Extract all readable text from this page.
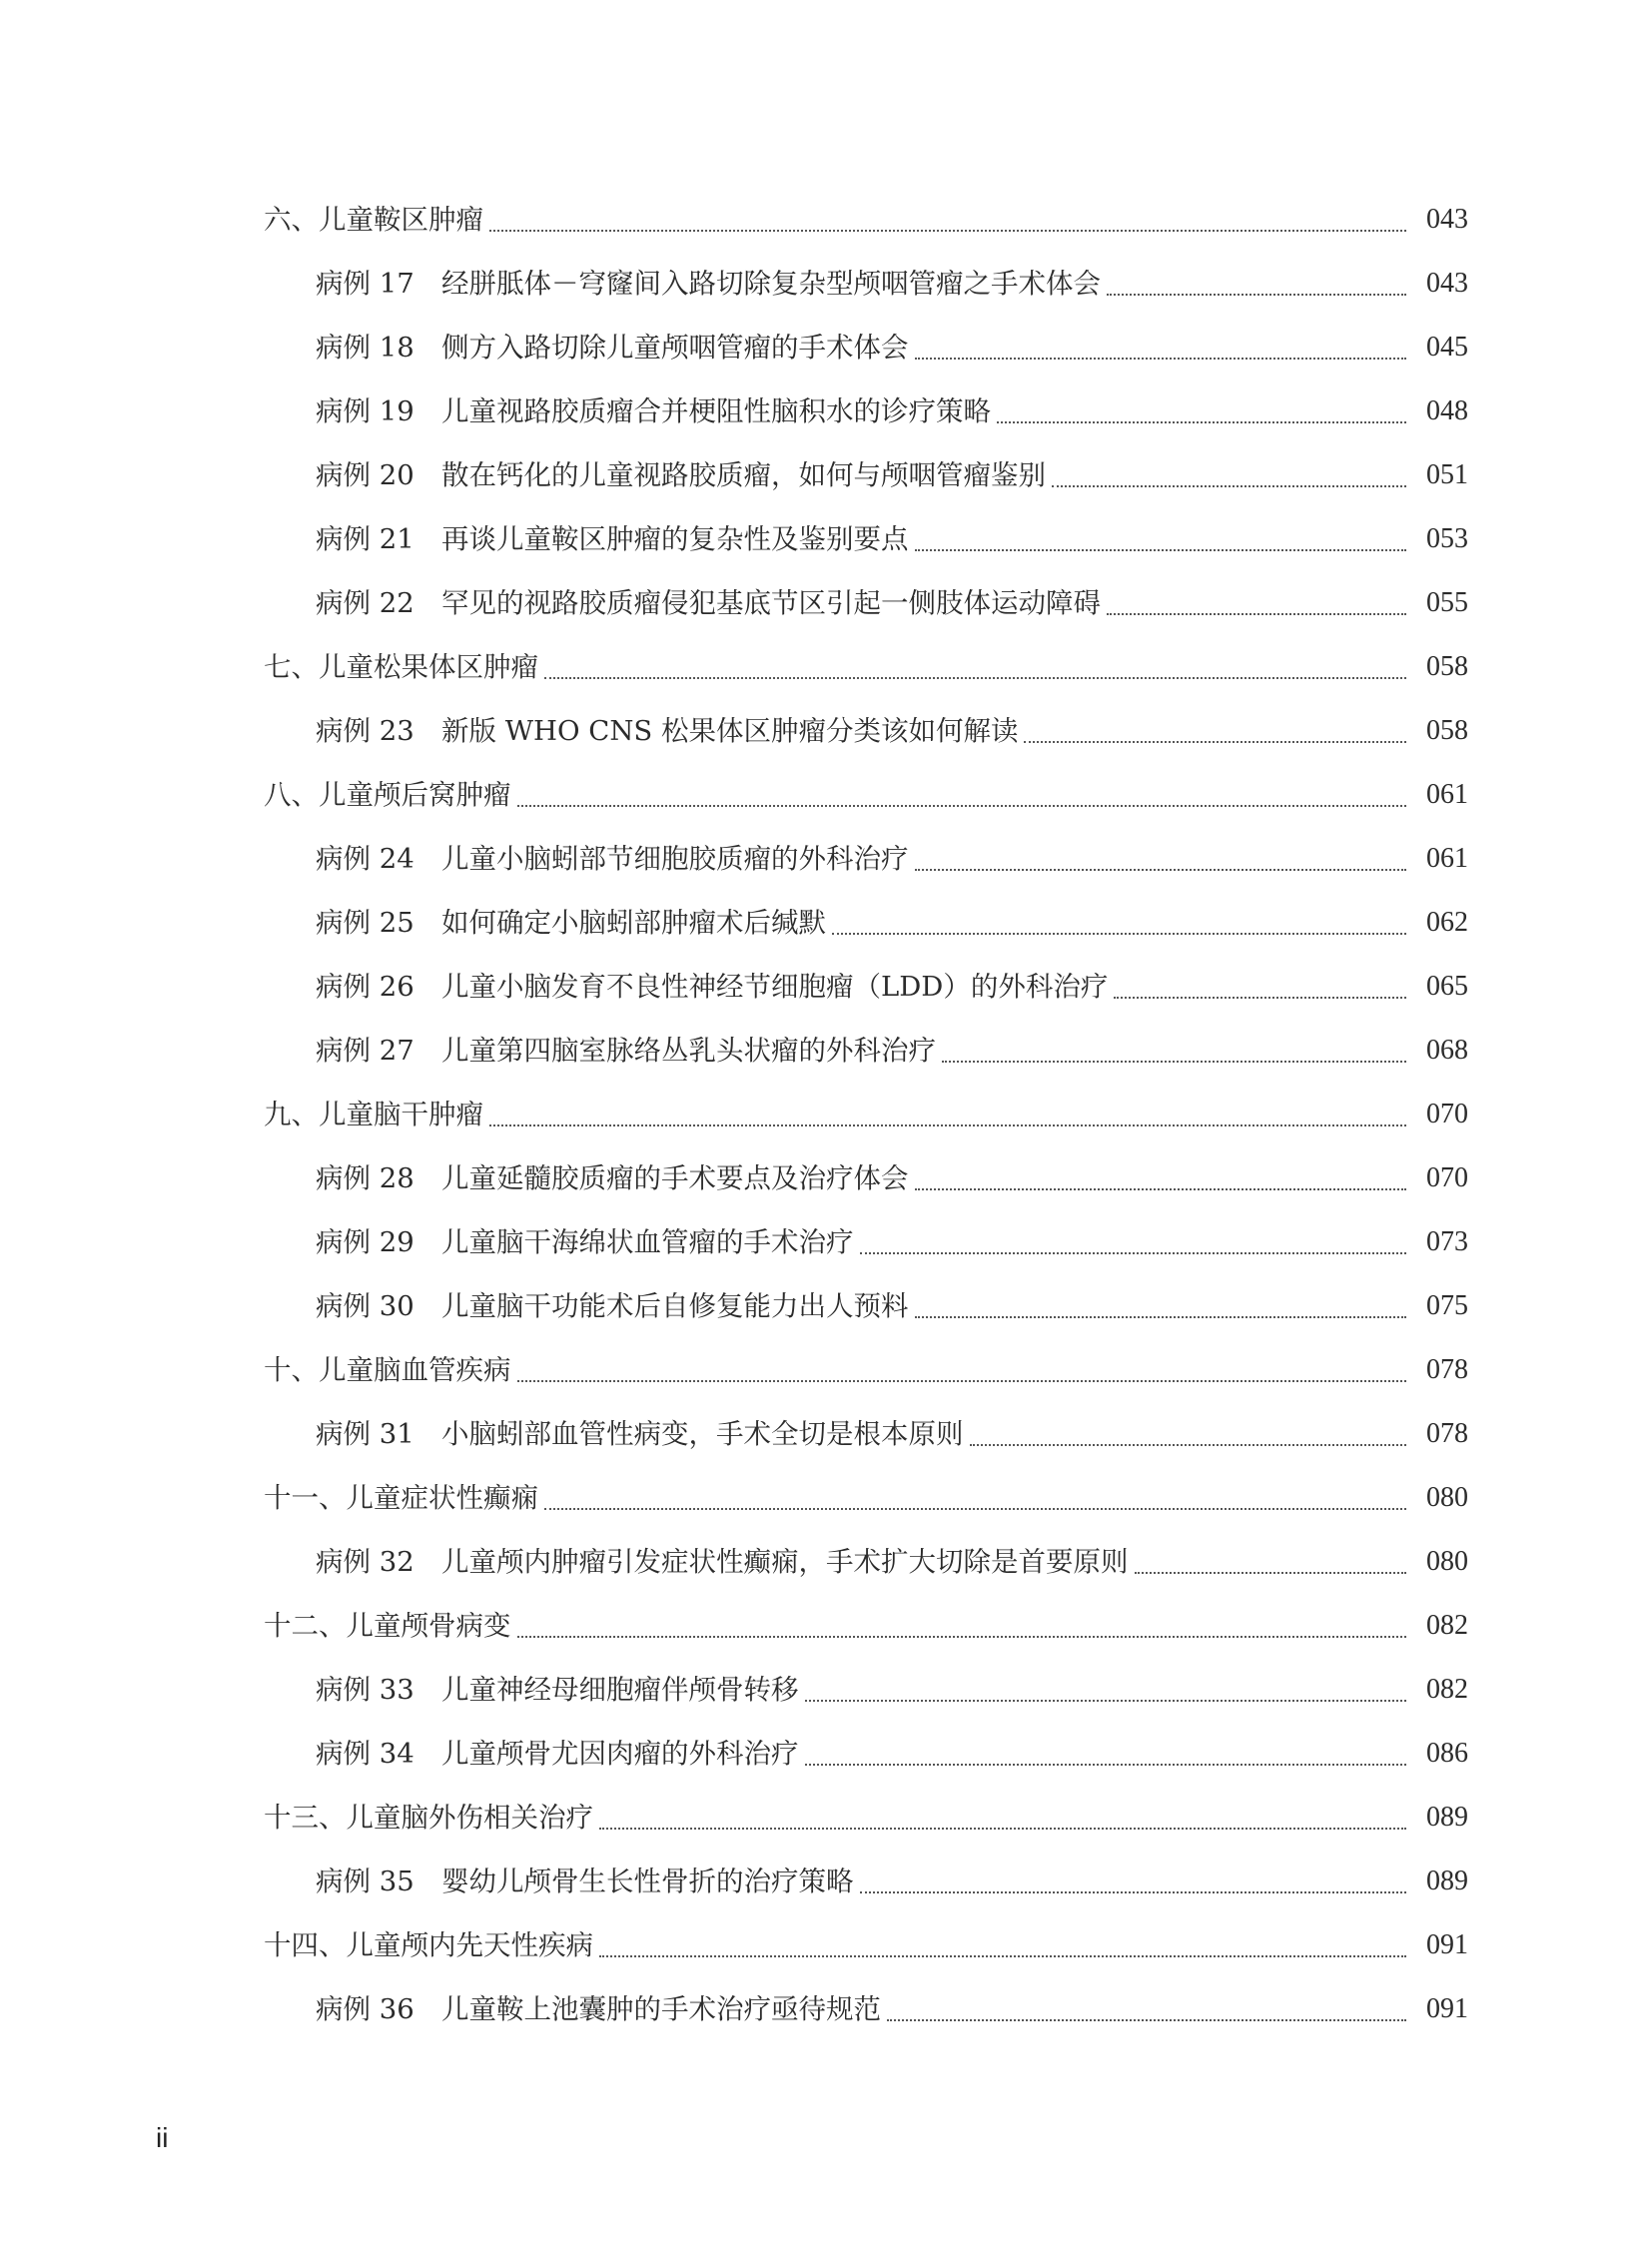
六、儿童鞍区肿瘤	043
病例 17 经胼胝体－穹窿间入路切除复杂型颅咽管瘤之手术体会	043
病例 18 侧方入路切除儿童颅咽管瘤的手术体会	045
病例 19 儿童视路胶质瘤合并梗阻性脑积水的诊疗策略	048
病例 20 散在钙化的儿童视路胶质瘤，如何与颅咽管瘤鉴别	051
病例 21 再谈儿童鞍区肿瘤的复杂性及鉴别要点	053
病例 22 罕见的视路胶质瘤侵犯基底节区引起一侧肢体运动障碍	055
七、儿童松果体区肿瘤	058
病例 23 新版 WHO CNS 松果体区肿瘤分类该如何解读	058
八、儿童颅后窝肿瘤	061
病例 24 儿童小脑蚓部节细胞胶质瘤的外科治疗	061
病例 25 如何确定小脑蚓部肿瘤术后缄默	062
病例 26 儿童小脑发育不良性神经节细胞瘤（LDD）的外科治疗	065
病例 27 儿童第四脑室脉络丛乳头状瘤的外科治疗	068
九、儿童脑干肿瘤	070
病例 28 儿童延髓胶质瘤的手术要点及治疗体会	070
病例 29 儿童脑干海绵状血管瘤的手术治疗	073
病例 30 儿童脑干功能术后自修复能力出人预料	075
十、儿童脑血管疾病	078
病例 31 小脑蚓部血管性病变，手术全切是根本原则	078
十一、儿童症状性癫痫	080
病例 32 儿童颅内肿瘤引发症状性癫痫，手术扩大切除是首要原则	080
十二、儿童颅骨病变	082
病例 33 儿童神经母细胞瘤伴颅骨转移	082
病例 34 儿童颅骨尤因肉瘤的外科治疗	086
十三、儿童脑外伤相关治疗	089
病例 35 婴幼儿颅骨生长性骨折的治疗策略	089
十四、儿童颅内先天性疾病	091
病例 36 儿童鞍上池囊肿的手术治疗亟待规范	091
ii
